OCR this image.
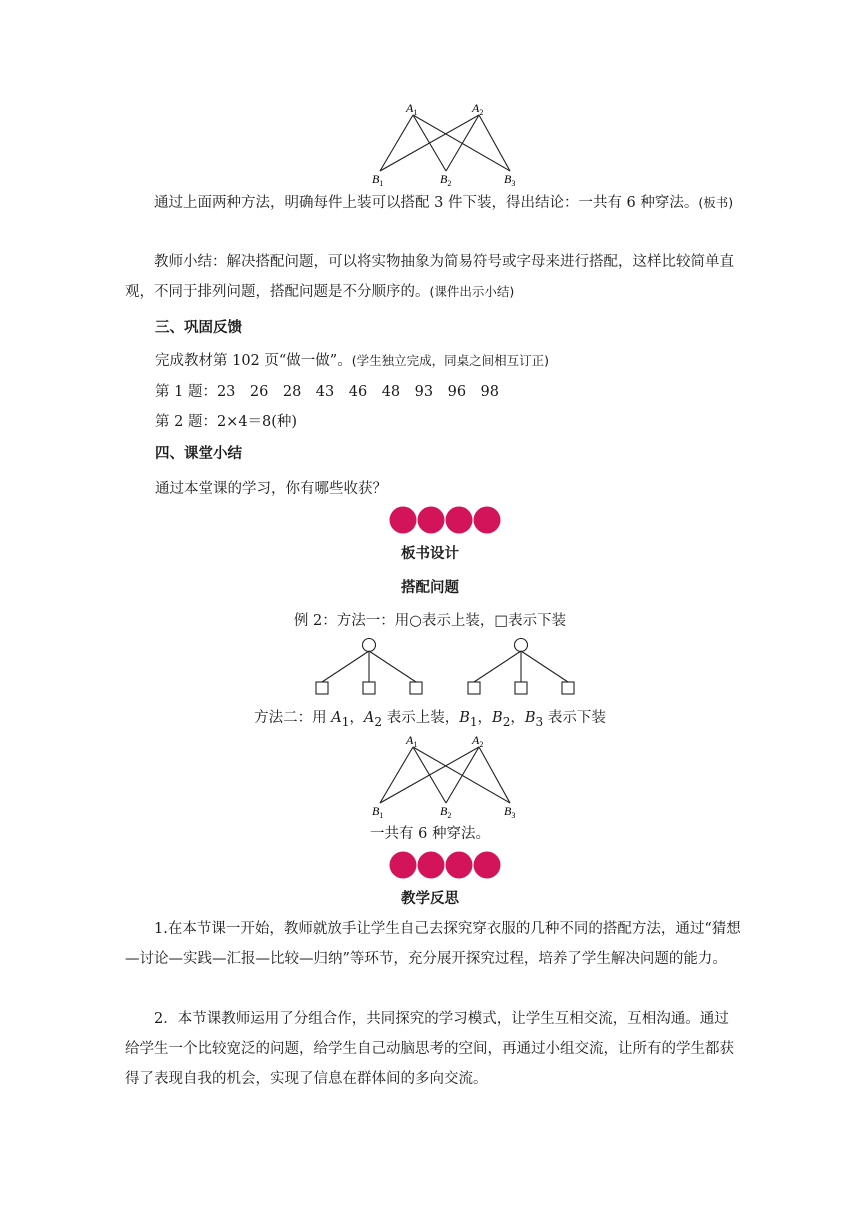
$A_1$	$A_2$
$B_1$	$B_2$	$B_3$
通过上面两种方法，明确每件上装可以搭配 3 件下装，得出结论：一共有 6 种穿法。(板书)
教师小结：解决搭配问题，可以将实物抽象为简易符号或字母来进行搭配，这样比较简单直观，不同于排列问题，搭配问题是不分顺序的。(课件出示小结)
三、巩固反馈
完成教材第 102 页“做一做”。(学生独立完成，同桌之间相互订正)
第 1 题：23　26　28　43　46　48　93　96　98
第 2 题：2×4＝8(种)
四、课堂小结
通过本堂课的学习，你有哪些收获？
板书设计
搭配问题
例 2：方法一：用○表示上装，□表示下装
方法二：用 $A_1$，$A_2$ 表示上装，$B_1$，$B_2$，$B_3$ 表示下装
$A_1$	$A_2$
$B_1$	$B_2$	$B_3$
一共有 6 种穿法。
教学反思
1.在本节课一开始，教师就放手让学生自己去探究穿衣服的几种不同的搭配方法，通过“猜想—讨论—实践—汇报—比较—归纳”等环节，充分展开探究过程，培养了学生解决问题的能力。
2．本节课教师运用了分组合作，共同探究的学习模式，让学生互相交流，互相沟通。通过给学生一个比较宽泛的问题，给学生自己动脑思考的空间，再通过小组交流，让所有的学生都获得了表现自我的机会，实现了信息在群体间的多向交流。
